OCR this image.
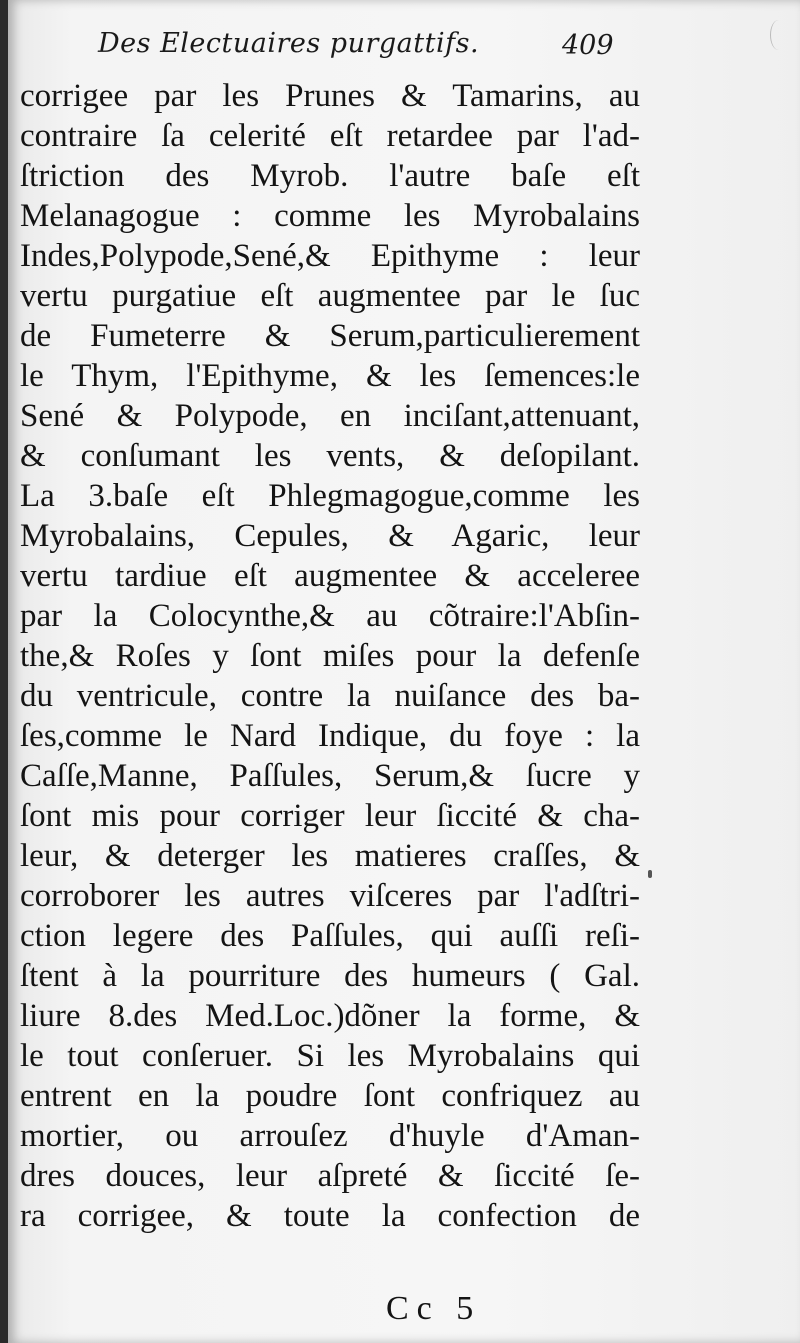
Des Electuaires purgattifs.	409
corrigee par les Prunes & Tamarins, au
contraire ſa celerité eſt retardee par l'ad-
ſtriction des Myrob. l'autre baſe eſt
Melanagogue : comme les Myrobalains
Indes,Polypode,Sené,& Epithyme : leur
vertu purgatiue eſt augmentee par le ſuc
de Fumeterre & Serum,particulierement
le Thym, l'Epithyme, & les ſemences:le
Sené & Polypode, en inciſant,attenuant,
& conſumant les vents, & deſopilant.
La 3.baſe eſt Phlegmagogue,comme les
Myrobalains, Cepules, & Agaric, leur
vertu tardiue eſt augmentee & acceleree
par la Colocynthe,& au cõtraire:l'Abſin-
the,& Roſes y ſont miſes pour la defenſe
du ventricule, contre la nuiſance des ba-
ſes,comme le Nard Indique, du foye : la
Caſſe,Manne, Paſſules, Serum,& ſucre y
ſont mis pour corriger leur ſiccité & cha-
leur, & deterger les matieres craſſes, &
corroborer les autres viſceres par l'adſtri-
ction legere des Paſſules, qui auſſi reſi-
ſtent à la pourriture des humeurs ( Gal.
liure 8.des Med.Loc.)dõner la forme, &
le tout conſeruer. Si les Myrobalains qui
entrent en la poudre ſont confriquez au
mortier, ou arrouſez d'huyle d'Aman-
dres douces, leur aſpreté & ſiccité ſe-
ra corrigee, & toute la confection de
Cc 5
